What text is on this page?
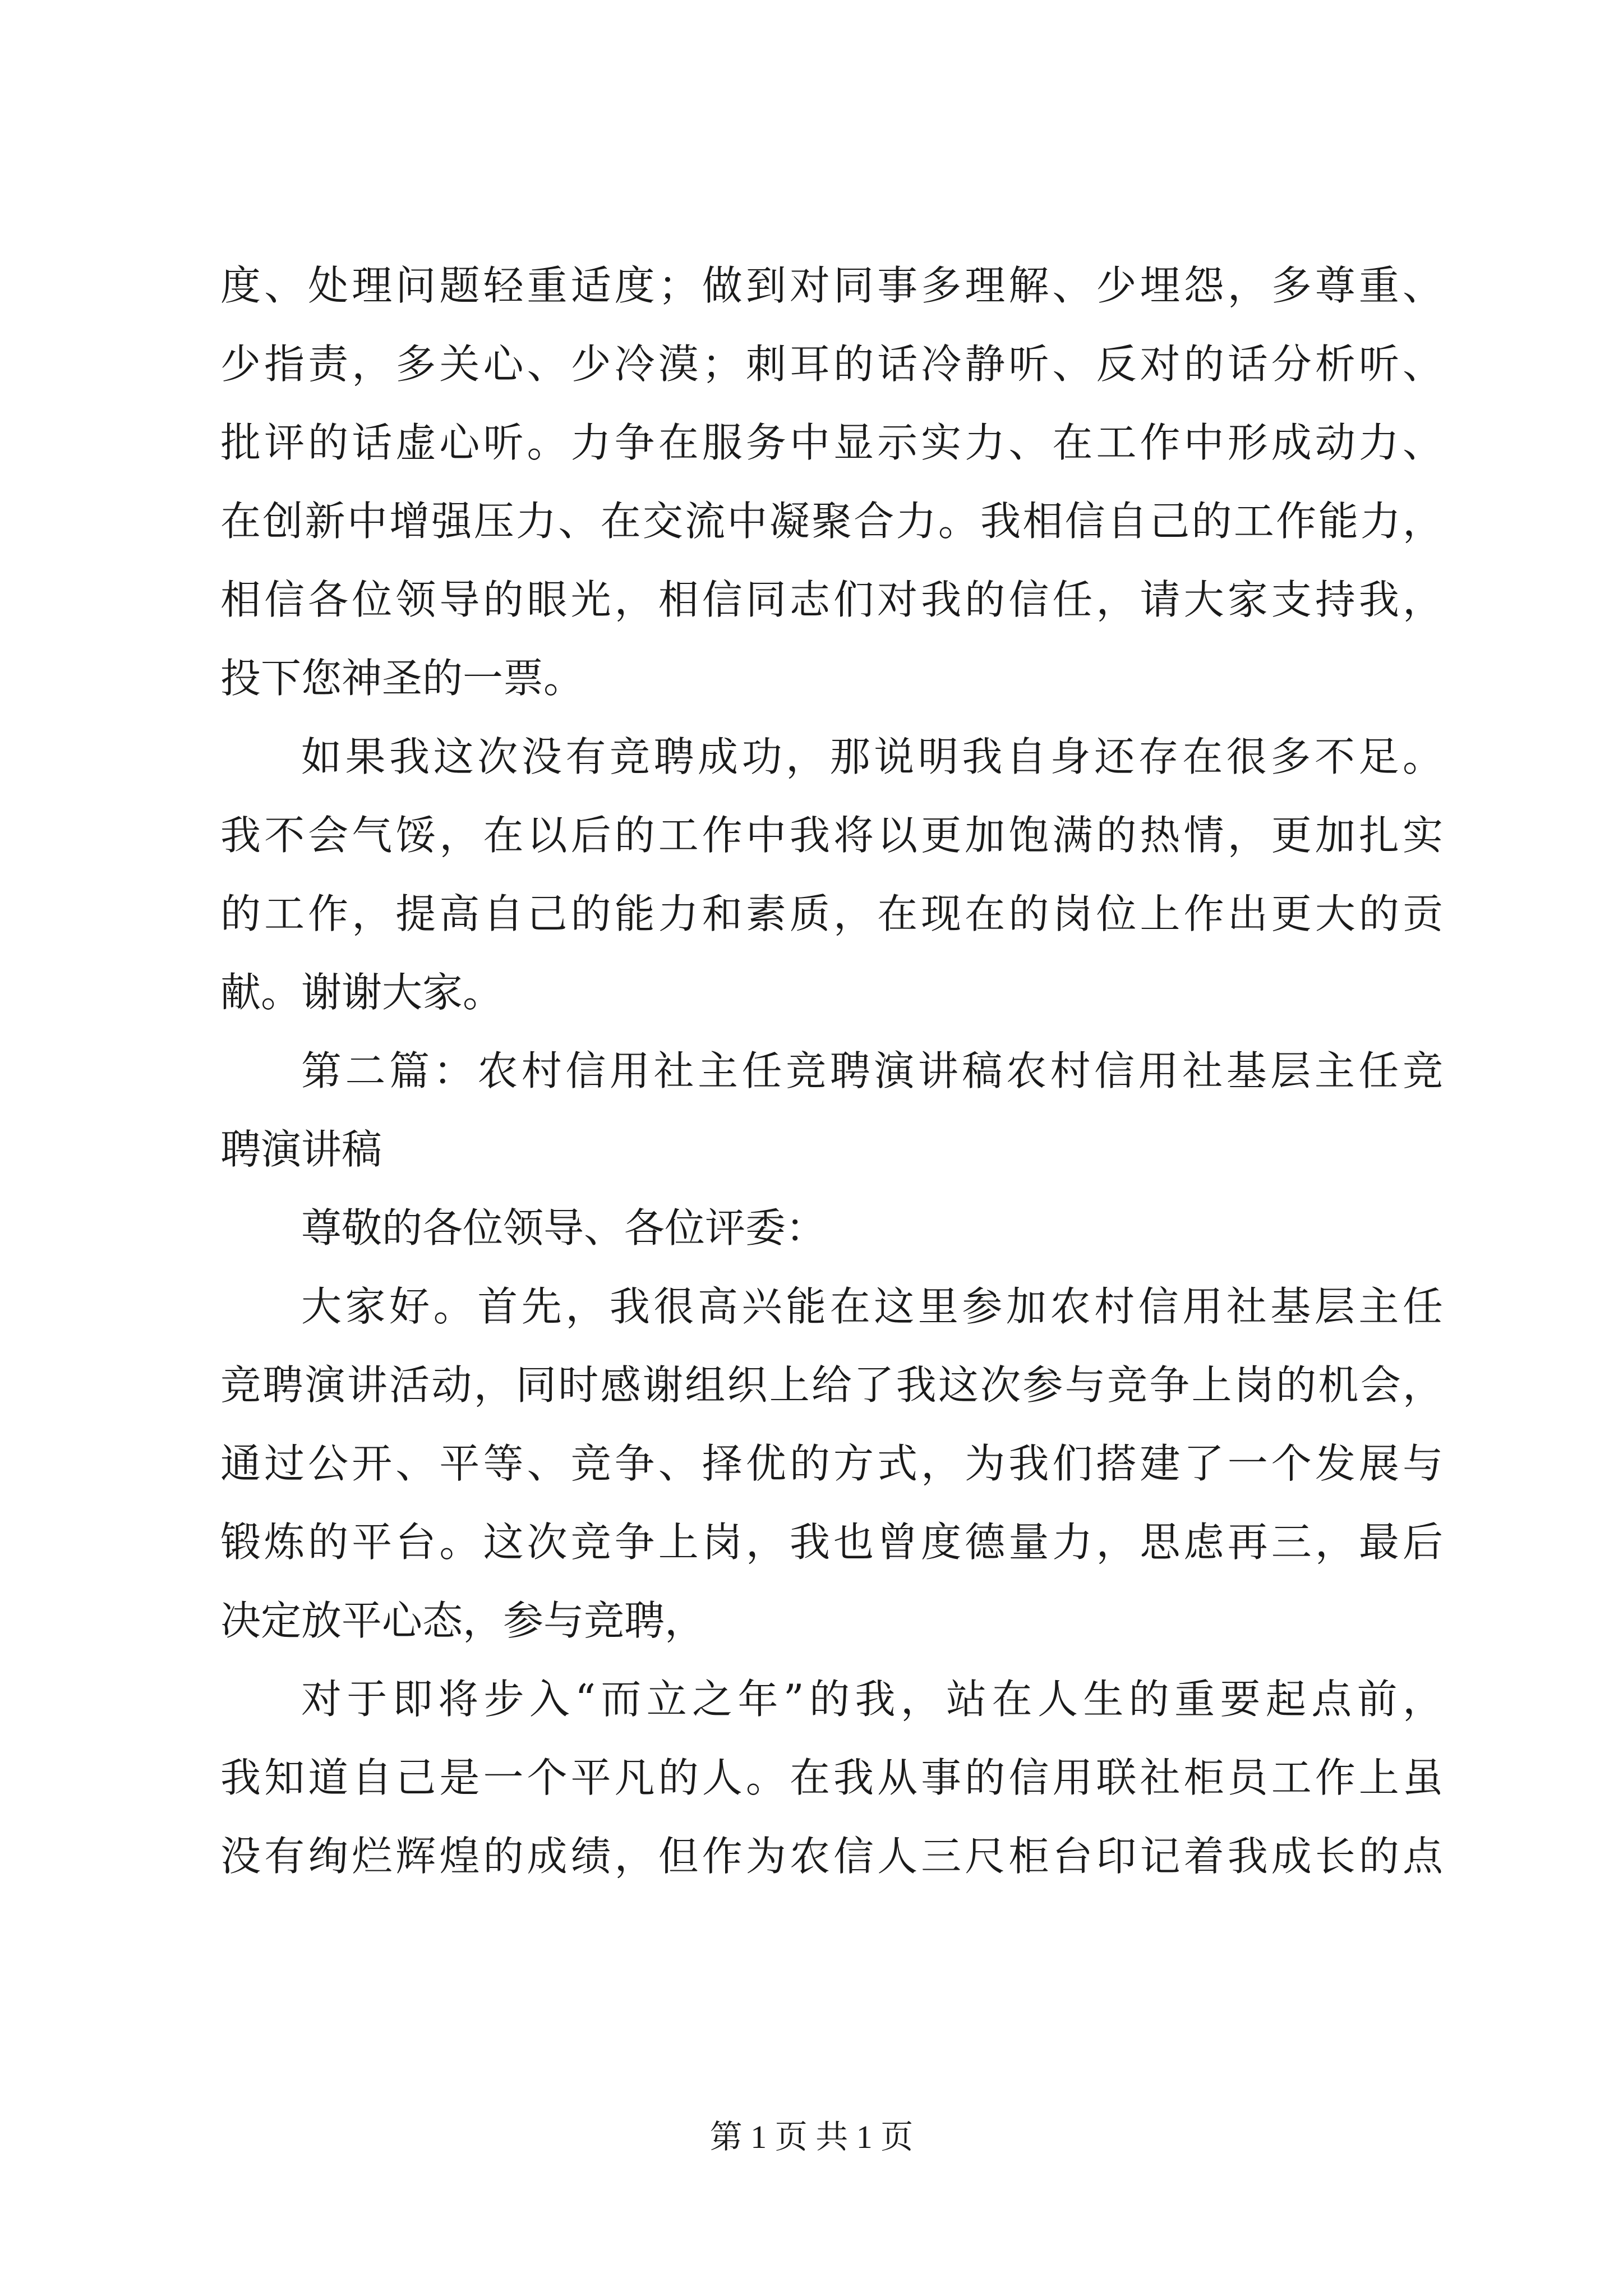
度、处理问题轻重适度；做到对同事多理解、少埋怨，多尊重、
少指责，多关心、少冷漠；刺耳的话冷静听、反对的话分析听、
批评的话虚心听。力争在服务中显示实力、在工作中形成动力、
在创新中增强压力、在交流中凝聚合力。我相信自己的工作能力，
相信各位领导的眼光，相信同志们对我的信任，请大家支持我，
投下您神圣的一票。
如果我这次没有竞聘成功，那说明我自身还存在很多不足。
我不会气馁，在以后的工作中我将以更加饱满的热情，更加扎实
的工作，提高自己的能力和素质，在现在的岗位上作出更大的贡
献。谢谢大家。
第二篇：农村信用社主任竞聘演讲稿农村信用社基层主任竞
聘演讲稿
尊敬的各位领导、各位评委：
大家好。首先，我很高兴能在这里参加农村信用社基层主任
竞聘演讲活动，同时感谢组织上给了我这次参与竞争上岗的机会，
通过公开、平等、竞争、择优的方式，为我们搭建了一个发展与
锻炼的平台。这次竞争上岗，我也曾度德量力，思虑再三，最后
决定放平心态，参与竞聘，
对于即将步入“而立之年”的我，站在人生的重要起点前，
我知道自己是一个平凡的人。在我从事的信用联社柜员工作上虽
没有绚烂辉煌的成绩，但作为农信人三尺柜台印记着我成长的点
第 1 页 共 1 页
